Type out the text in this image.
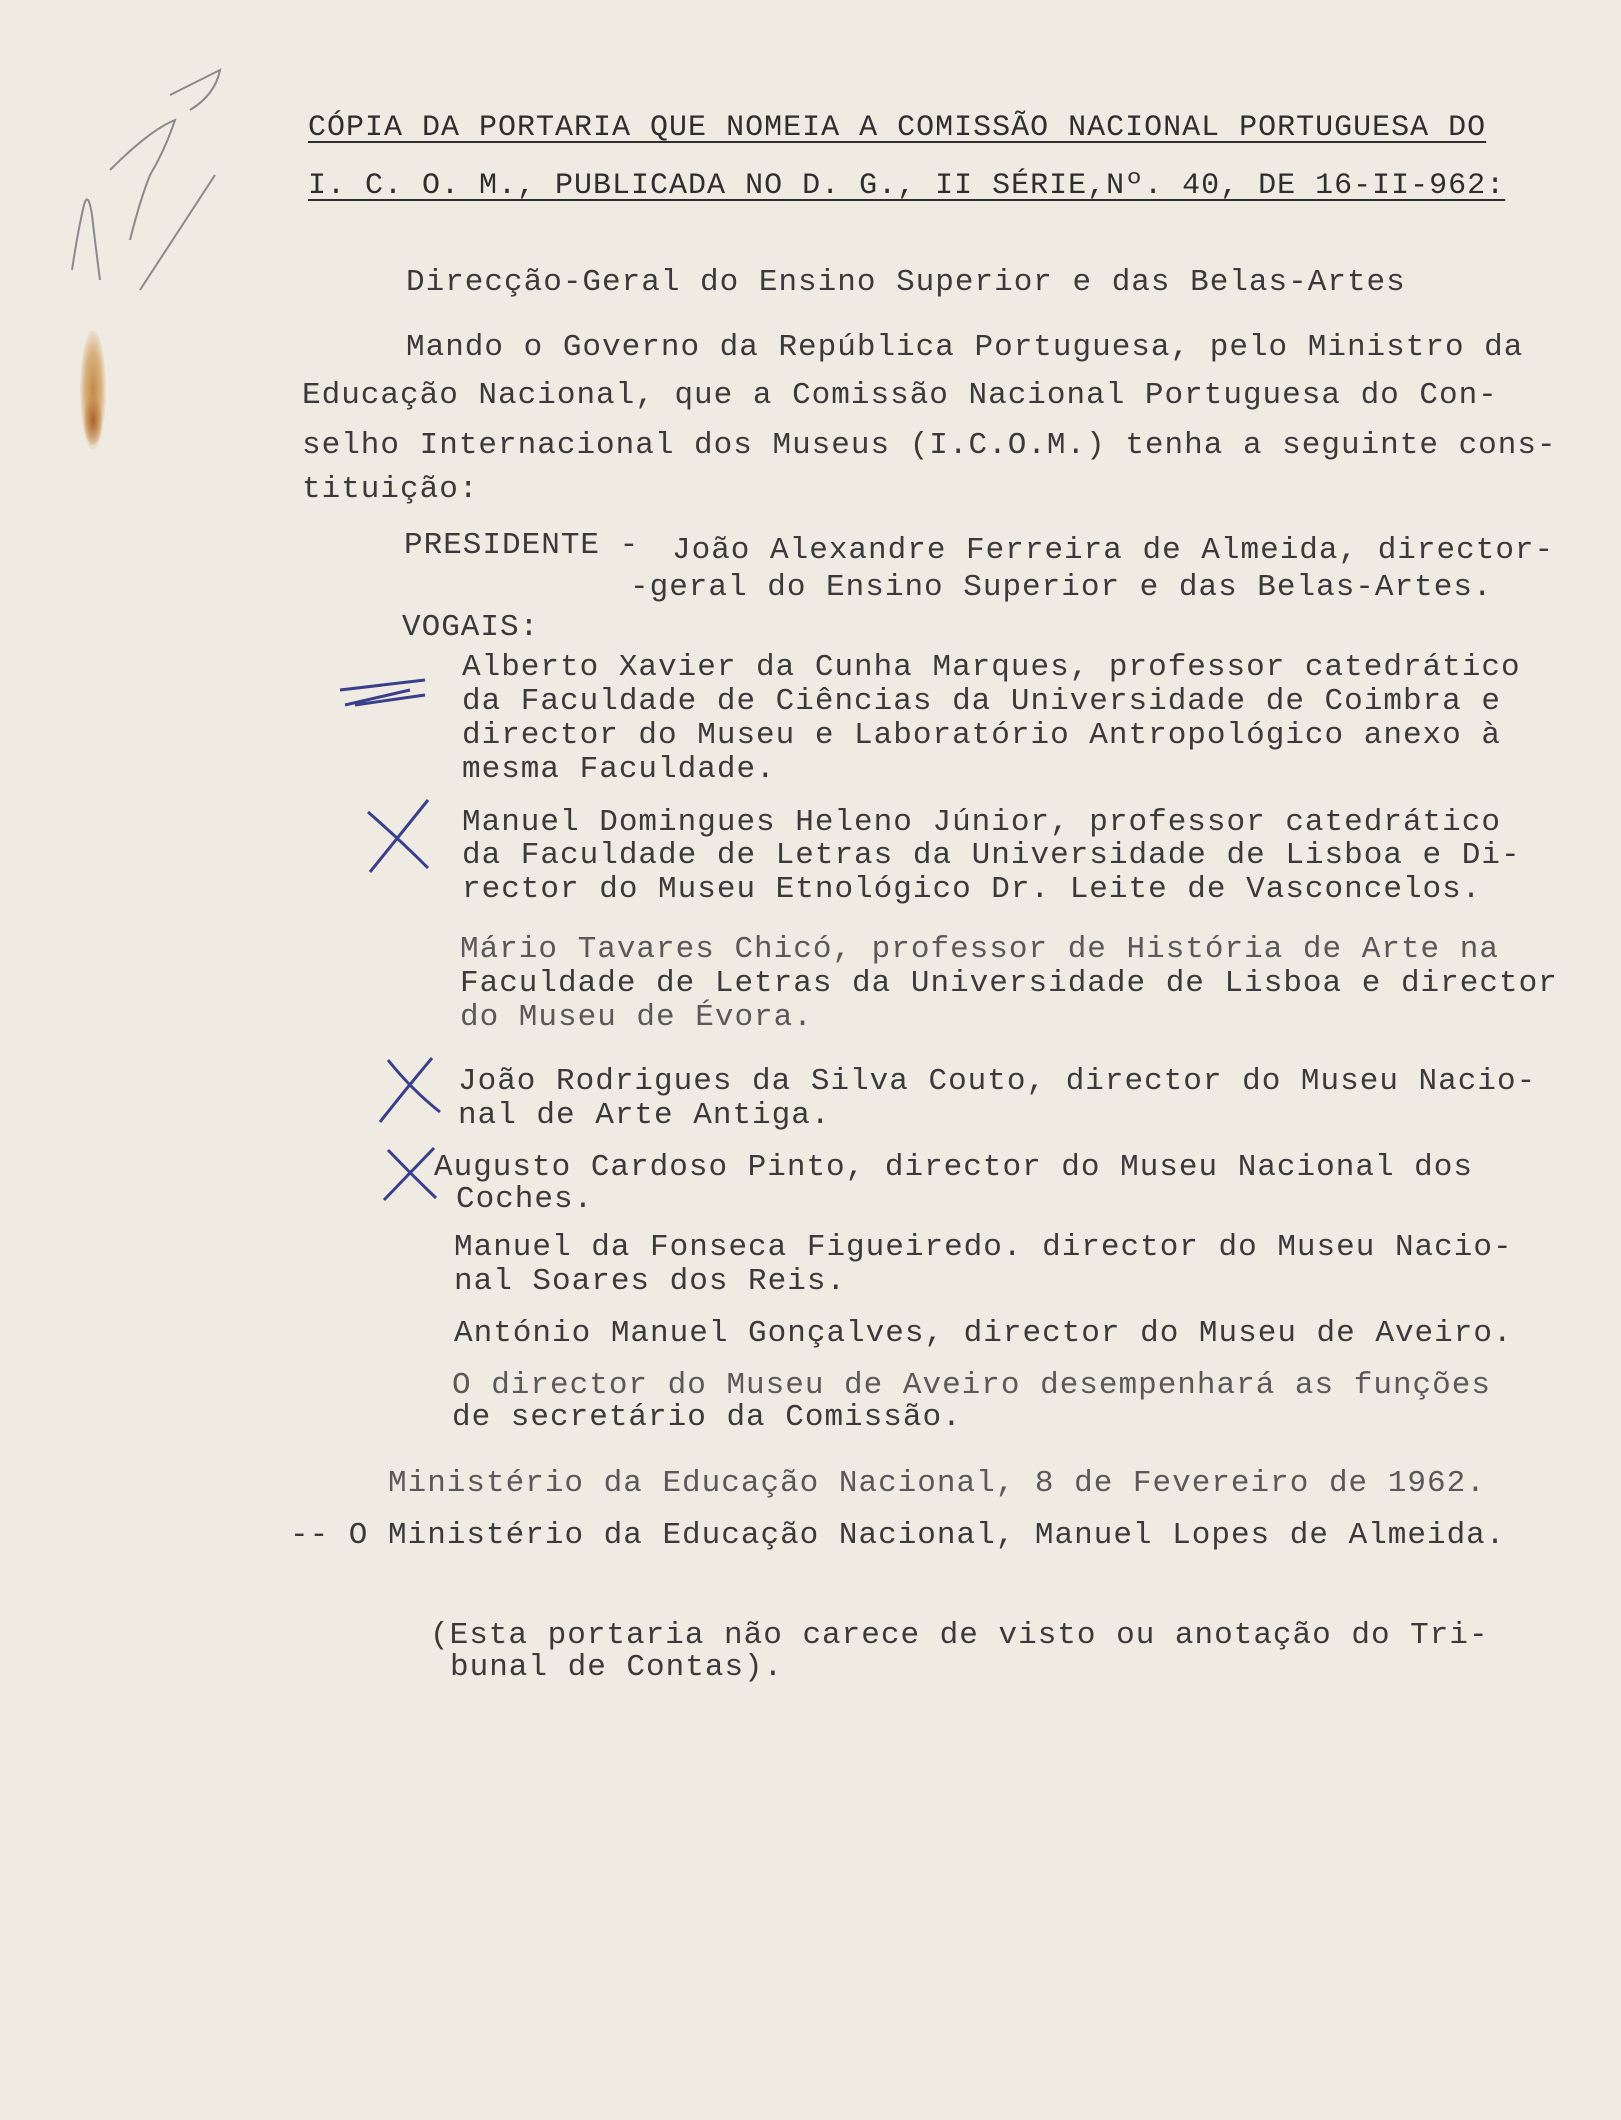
CÓPIA DA PORTARIA QUE NOMEIA A COMISSÃO NACIONAL PORTUGUESA DO
I. C. O. M., PUBLICADA NO D. G., II SÉRIE,Nº. 40, DE 16-II-962:
Direcção-Geral do Ensino Superior e das Belas-Artes
Mando o Governo da República Portuguesa, pelo Ministro da
Educação Nacional, que a Comissão Nacional Portuguesa do Con-
selho Internacional dos Museus (I.C.O.M.) tenha a seguinte cons-
tituição:
PRESIDENTE - João Alexandre Ferreira de Almeida, director-
-geral do Ensino Superior e das Belas-Artes.
VOGAIS:
Alberto Xavier da Cunha Marques, professor catedrático
da Faculdade de Ciências da Universidade de Coimbra e
director do Museu e Laboratório Antropológico anexo à
mesma Faculdade.
Manuel Domingues Heleno Júnior, professor catedrático
da Faculdade de Letras da Universidade de Lisboa e Di-
rector do Museu Etnológico Dr. Leite de Vasconcelos.
Mário Tavares Chicó, professor de História de Arte na
Faculdade de Letras da Universidade de Lisboa e director
do Museu de Évora.
João Rodrigues da Silva Couto, director do Museu Nacio-
nal de Arte Antiga.
Augusto Cardoso Pinto, director do Museu Nacional dos
Coches.
Manuel da Fonseca Figueiredo. director do Museu Nacio-
nal Soares dos Reis.
António Manuel Gonçalves, director do Museu de Aveiro.
O director do Museu de Aveiro desempenhará as funções
de secretário da Comissão.
Ministério da Educação Nacional, 8 de Fevereiro de 1962.
-- O Ministério da Educação Nacional, Manuel Lopes de Almeida.
(Esta portaria não carece de visto ou anotação do Tri-
bunal de Contas).
